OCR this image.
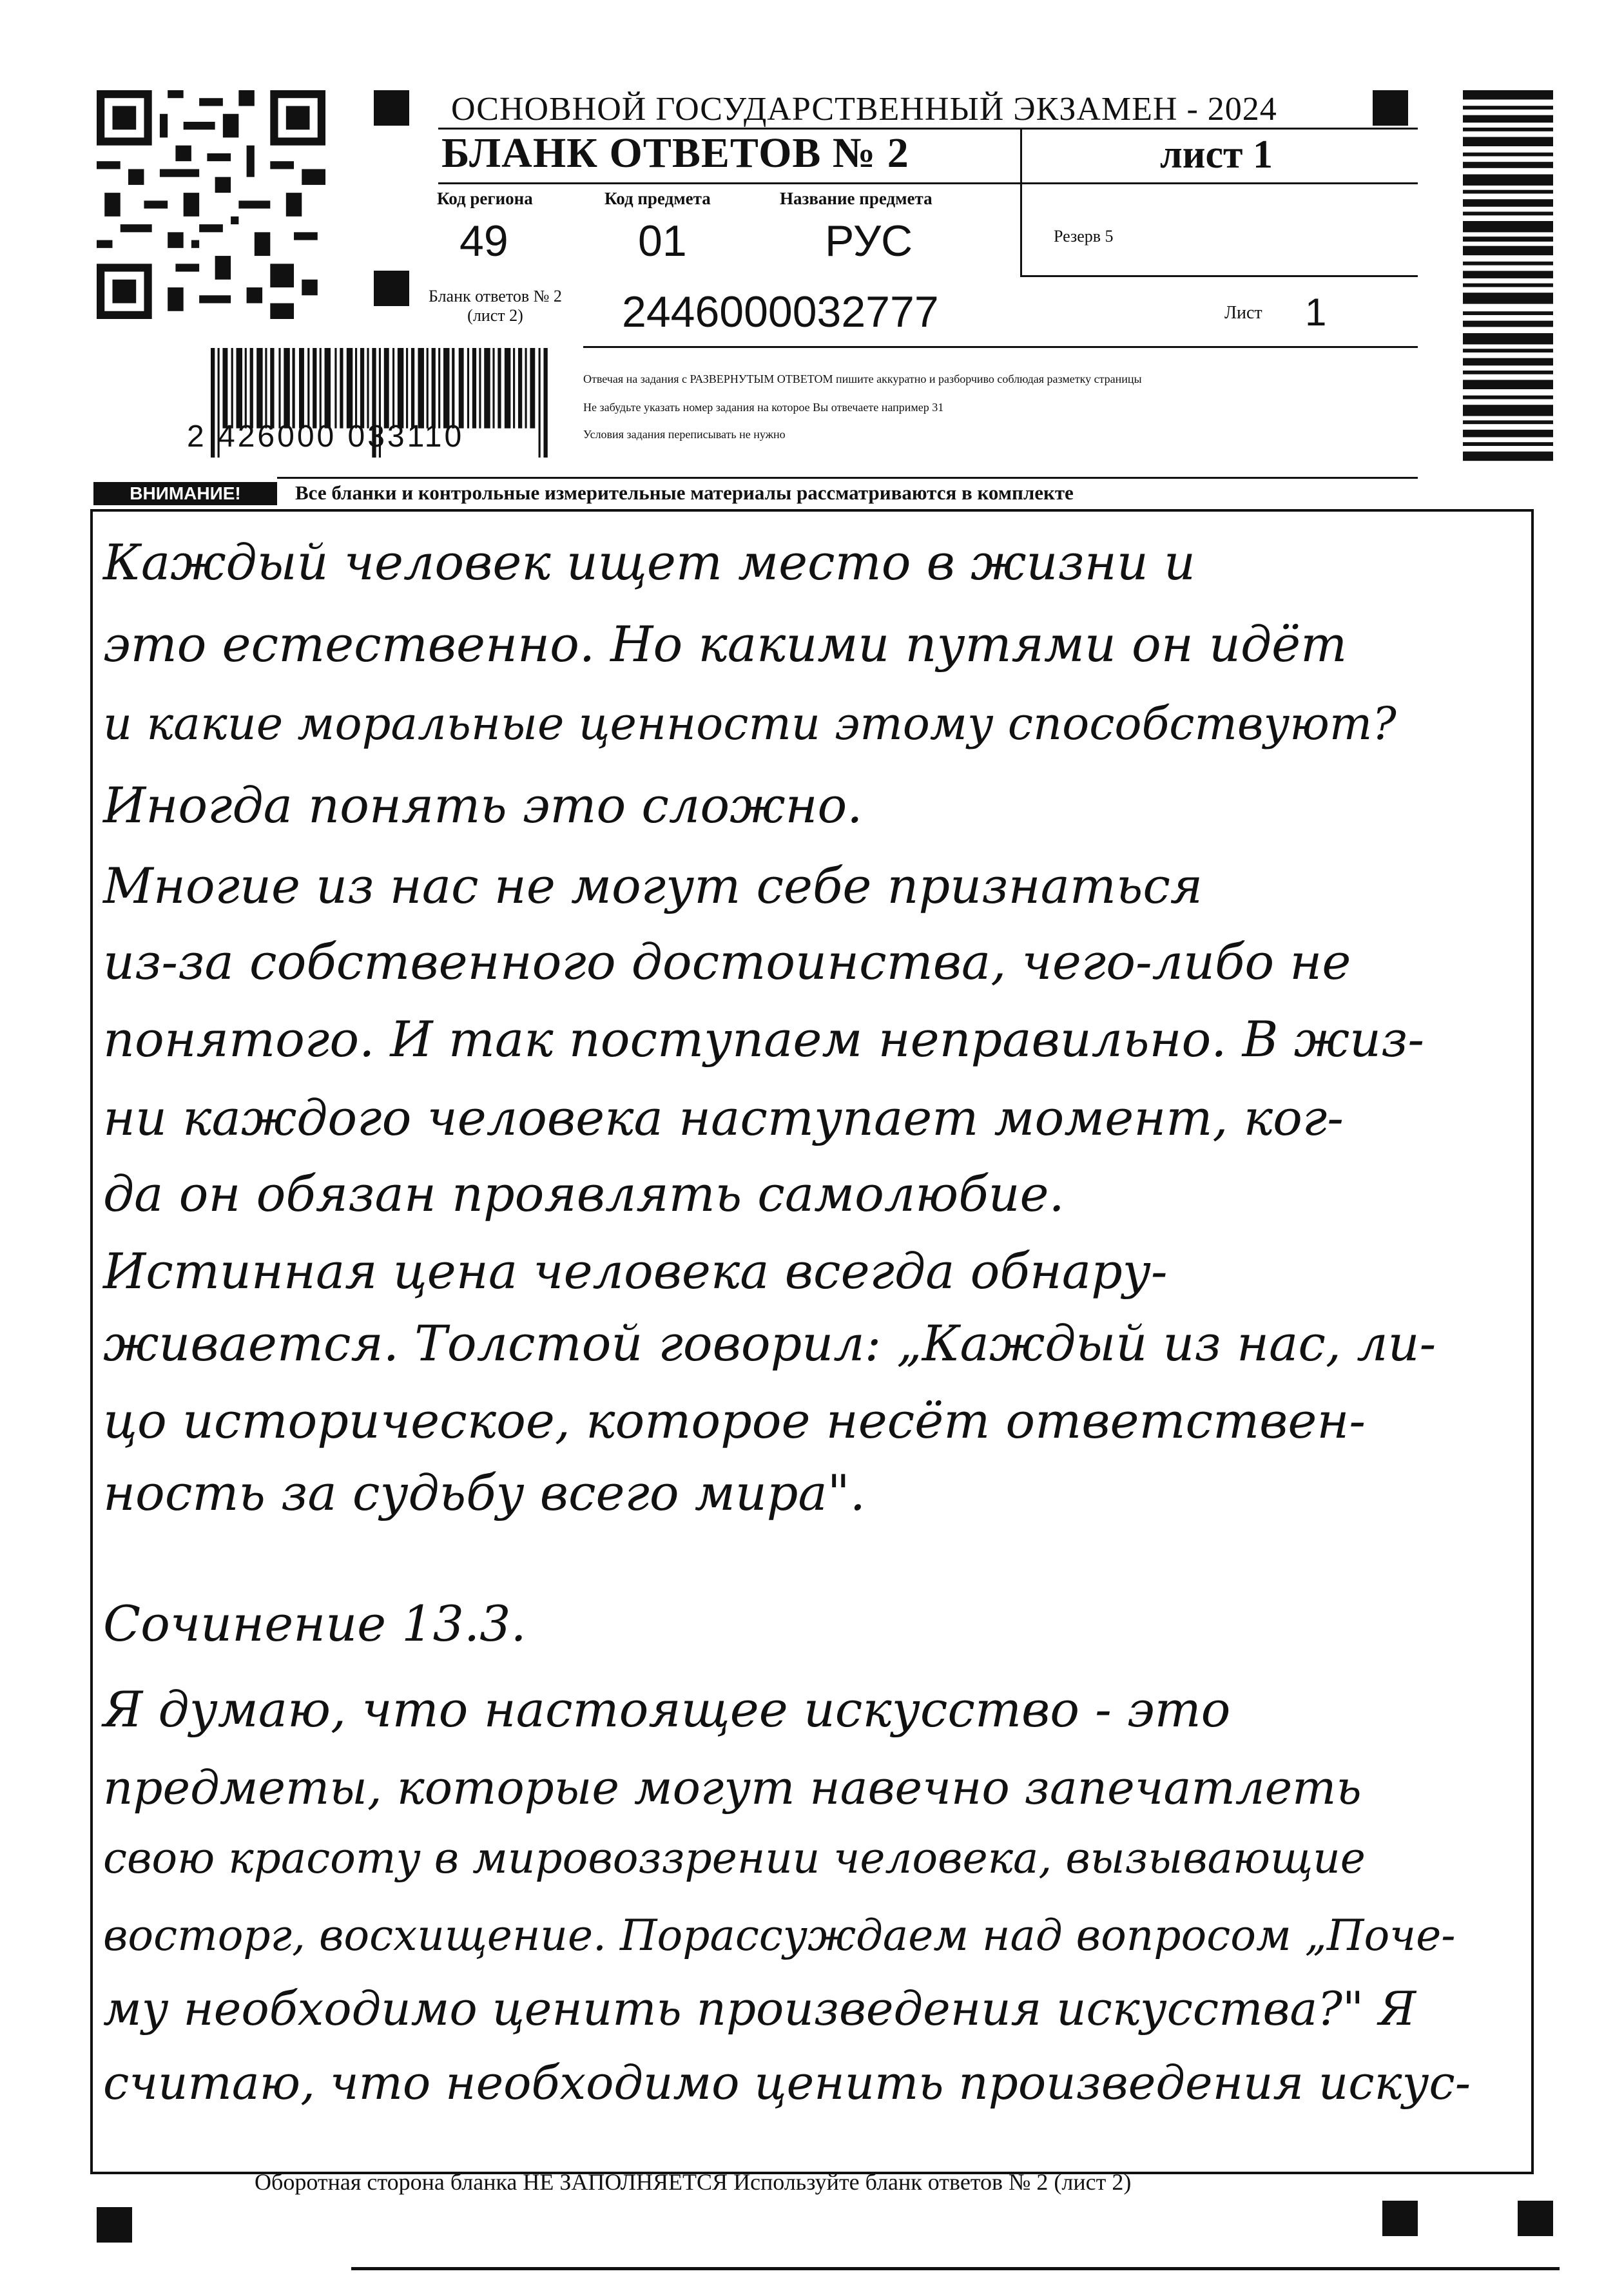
2 426000 033110
ОСНОВНОЙ ГОСУДАРСТВЕННЫЙ ЭКЗАМЕН - 2024
БЛАНК ОТВЕТОВ № 2	лист 1
Код региона
49
Код предмета
01
Название предмета
РУС	Резерв 5
Бланк ответов № 2
(лист 2)	2446000032777	Лист 1
Отвечая на задания с РАЗВЕРНУТЫМ ОТВЕТОМ пишите аккуратно и разборчиво соблюдая разметку страницы
Не забудьте указать номер задания на которое Вы отвечаете например 31
Условия задания переписывать не нужно
ВНИМАНИЕ!	Все бланки и контрольные измерительные материалы рассматриваются в комплекте
Каждый человек ищет место в жизни и
это естественно. Но какими путями он идёт
и какие моральные ценности этому способствуют?
Иногда понять это сложно.
Многие из нас не могут себе признаться
из-за собственного достоинства, чего-либо не
понятого. И так поступаем неправильно. В жиз-
ни каждого человека наступает момент, ког-
да он обязан проявлять самолюбие.
Истинная цена человека всегда обнару-
живается. Толстой говорил: „Каждый из нас, ли-
цо историческое, которое несёт ответствен-
ность за судьбу всего мира".
Сочинение 13.3.
Я думаю, что настоящее искусство - это
предметы, которые могут навечно запечатлеть
свою красоту в мировоззрении человека, вызывающие
восторг, восхищение. Порассуждаем над вопросом „Поче-
му необходимо ценить произведения искусства?" Я
считаю, что необходимо ценить произведения искус-
Оборотная сторона бланка НЕ ЗАПОЛНЯЕТСЯ Используйте бланк ответов № 2 (лист 2)
